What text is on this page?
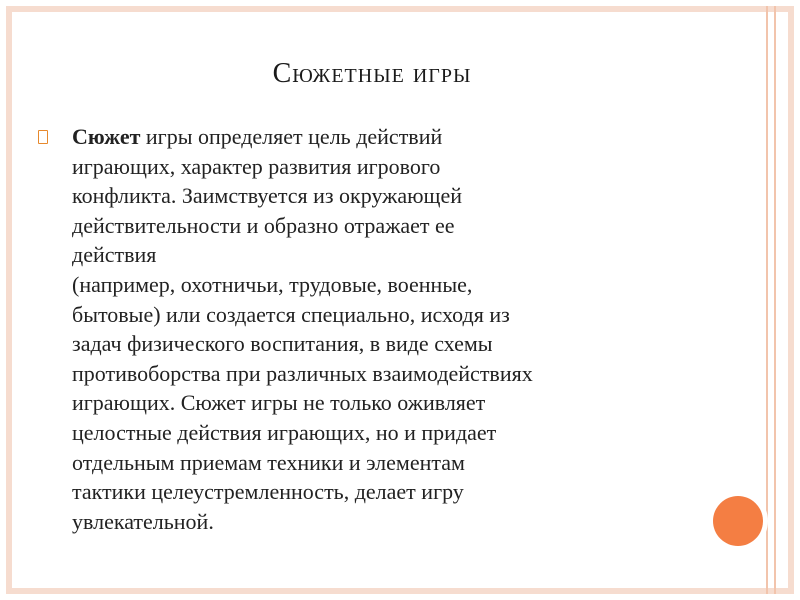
Сюжетные игры

Сюжет игры определяет цель действий
играющих, характер развития игрового
конфликта. Заимствуется из окружающей
действительности и образно отражает ее
действия
(например, охотничьи, трудовые, военные,
бытовые) или создается специально, исходя из
задач физического воспитания, в виде схемы
противоборства при различных взаимодействиях
играющих. Сюжет игры не только оживляет
целостные действия играющих, но и придает
отдельным приемам техники и элементам
тактики целеустремленность, делает игру
увлекательной.
